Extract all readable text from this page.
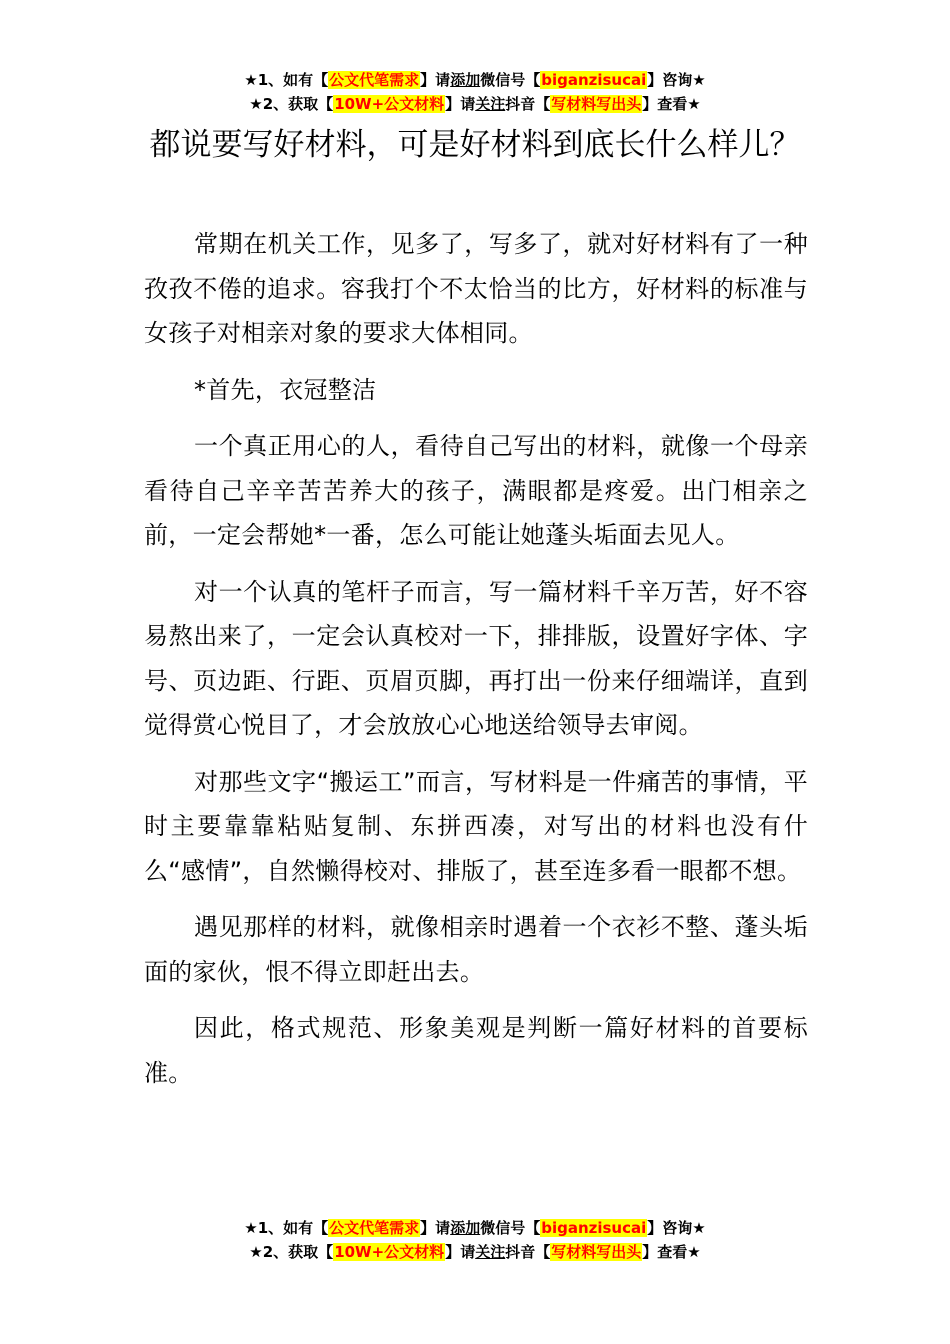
★1、如有【公文代笔需求】请添加微信号【biganzisucai】咨询★
★2、获取【10W+公文材料】请关注抖音【写材料写出头】查看★
都说要写好材料，可是好材料到底长什么样儿？

常期在机关工作，见多了，写多了，就对好材料有了一种孜孜不倦的追求。容我打个不太恰当的比方，好材料的标准与女孩子对相亲对象的要求大体相同。

*首先，衣冠整洁

一个真正用心的人，看待自己写出的材料，就像一个母亲看待自己辛辛苦苦养大的孩子，满眼都是疼爱。出门相亲之前，一定会帮她*一番，怎么可能让她蓬头垢面去见人。

对一个认真的笔杆子而言，写一篇材料千辛万苦，好不容易熬出来了，一定会认真校对一下，排排版，设置好字体、字号、页边距、行距、页眉页脚，再打出一份来仔细端详，直到觉得赏心悦目了，才会放放心心地送给领导去审阅。

对那些文字“搬运工”而言，写材料是一件痛苦的事情，平时主要靠靠粘贴复制、东拼西凑，对写出的材料也没有什么“感情”，自然懒得校对、排版了，甚至连多看一眼都不想。

遇见那样的材料，就像相亲时遇着一个衣衫不整、蓬头垢面的家伙，恨不得立即赶出去。

因此，格式规范、形象美观是判断一篇好材料的首要标准。

★1、如有【公文代笔需求】请添加微信号【biganzisucai】咨询★
★2、获取【10W+公文材料】请关注抖音【写材料写出头】查看★
